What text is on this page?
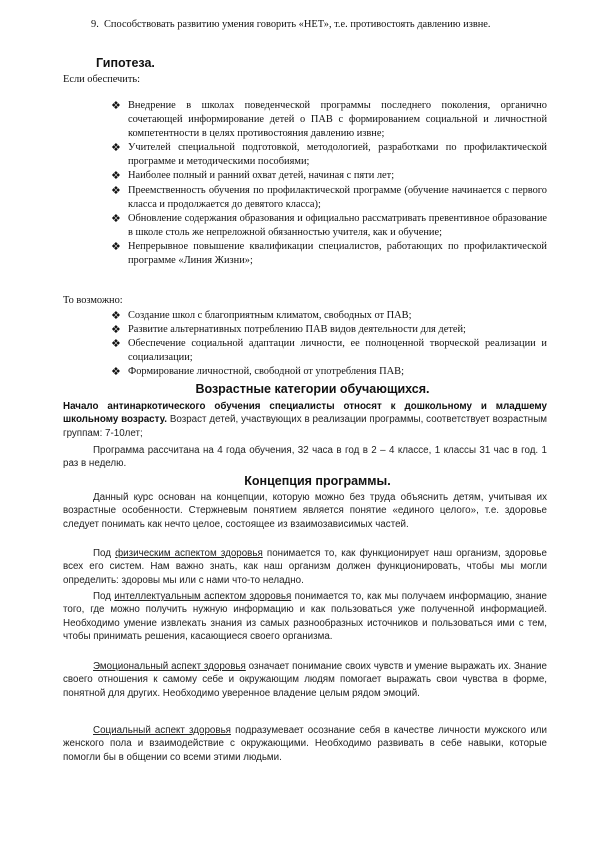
9. Способствовать развитию умения говорить «НЕТ», т.е. противостоять давлению извне.
Гипотеза.
Если обеспечить:
❖ Внедрение в школах поведенческой программы последнего поколения, органично сочетающей информирование детей о ПАВ с формированием социальной и личностной компетентности в целях противостояния давлению извне;
❖ Учителей специальной подготовкой, методологией, разработками по профилактической программе и методическими пособиями;
❖ Наиболее полный и ранний охват детей, начиная с пяти лет;
❖ Преемственность обучения по профилактической программе (обучение начинается с первого класса и продолжается до девятого класса);
❖ Обновление содержания образования и официально рассматривать превентивное образование в школе столь же непреложной обязанностью учителя, как и обучение;
❖ Непрерывное повышение квалификации специалистов, работающих по профилактической программе «Линия Жизни»;
То возможно:
❖ Создание школ с благоприятным климатом, свободных от ПАВ;
❖ Развитие альтернативных потреблению ПАВ видов деятельности для детей;
❖ Обеспечение социальной адаптации личности, ее полноценной творческой реализации и социализации;
❖ Формирование личностной, свободной от употребления ПАВ;
Возрастные категории обучающихся.
Начало антинаркотического обучения специалисты относят к дошкольному и младшему школьному возрасту. Возраст детей, участвующих в реализации программы, соответствует возрастным группам: 7-10лет;
Программа рассчитана на 4 года обучения, 32 часа в год в 2 – 4 классе, 1 классы 31 час в год. 1 раз в неделю.
Концепция программы.
Данный курс основан на концепции, которую можно без труда объяснить детям, учитывая их возрастные особенности. Стержневым понятием является понятие «единого целого», т.е. здоровье следует понимать как нечто целое, состоящее из взаимозависимых частей.
Под физическим аспектом здоровья понимается то, как функционирует наш организм, здоровье всех его систем. Нам важно знать, как наш организм должен функционировать, чтобы мы могли определить: здоровы мы или с нами что-то неладно.
Под интеллектуальным аспектом здоровья понимается то, как мы получаем информацию, знание того, где можно получить нужную информацию и как пользоваться уже полученной информацией. Необходимо умение извлекать знания из самых разнообразных источников и пользоваться ими с тем, чтобы принимать решения, касающиеся своего организма.
Эмоциональный аспект здоровья означает понимание своих чувств и умение выражать их. Знание своего отношения к самому себе и окружающим людям помогает выражать свои чувства в форме, понятной для других. Необходимо уверенное владение целым рядом эмоций.
Социальный аспект здоровья подразумевает осознание себя в качестве личности мужского или женского пола и взаимодействие с окружающими. Необходимо развивать в себе навыки, которые помогли бы в общении со всеми этими людьми.
